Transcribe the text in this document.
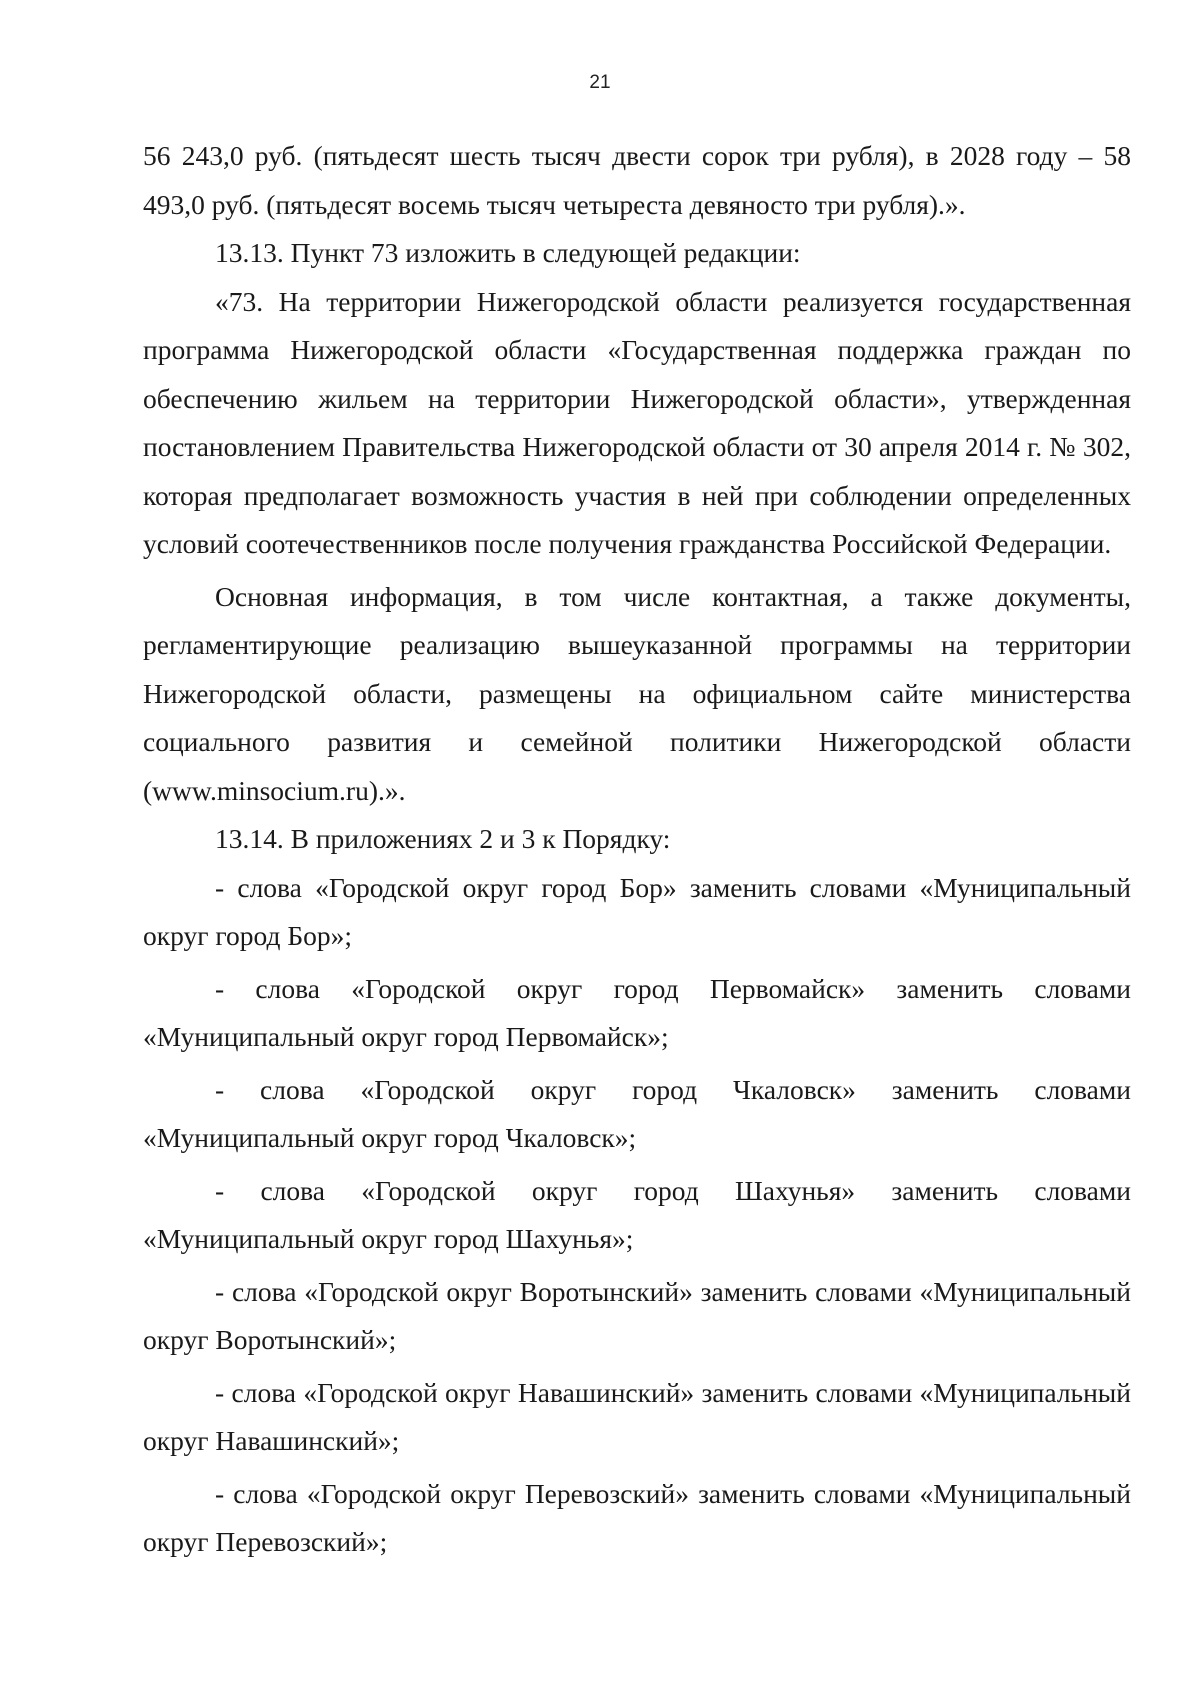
21

56 243,0 руб. (пятьдесят шесть тысяч двести сорок три рубля), в 2028 году – 58 493,0 руб. (пятьдесят восемь тысяч четыреста девяносто три рубля).».

13.13. Пункт 73 изложить в следующей редакции:

«73. На территории Нижегородской области реализуется государственная программа Нижегородской области «Государственная поддержка граждан по обеспечению жильем на территории Нижегородской области», утвержденная постановлением Правительства Нижегородской области от 30 апреля 2014 г. № 302, которая предполагает возможность участия в ней при соблюдении определенных условий соотечественников после получения гражданства Российской Федерации.

Основная информация, в том числе контактная, а также документы, регламентирующие реализацию вышеуказанной программы на территории Нижегородской области, размещены на официальном сайте министерства социального развития и семейной политики Нижегородской области (www.minsocium.ru).».

13.14. В приложениях 2 и 3 к Порядку:

- слова «Городской округ город Бор» заменить словами «Муниципальный округ город Бор»;

- слова «Городской округ город Первомайск» заменить словами «Муниципальный округ город Первомайск»;

- слова «Городской округ город Чкаловск» заменить словами «Муниципальный округ город Чкаловск»;

- слова «Городской округ город Шахунья» заменить словами «Муниципальный округ город Шахунья»;

- слова «Городской округ Воротынский» заменить словами «Муниципальный округ Воротынский»;

- слова «Городской округ Навашинский» заменить словами «Муниципальный округ Навашинский»;

- слова «Городской округ Перевозский» заменить словами «Муниципальный округ Перевозский»;
